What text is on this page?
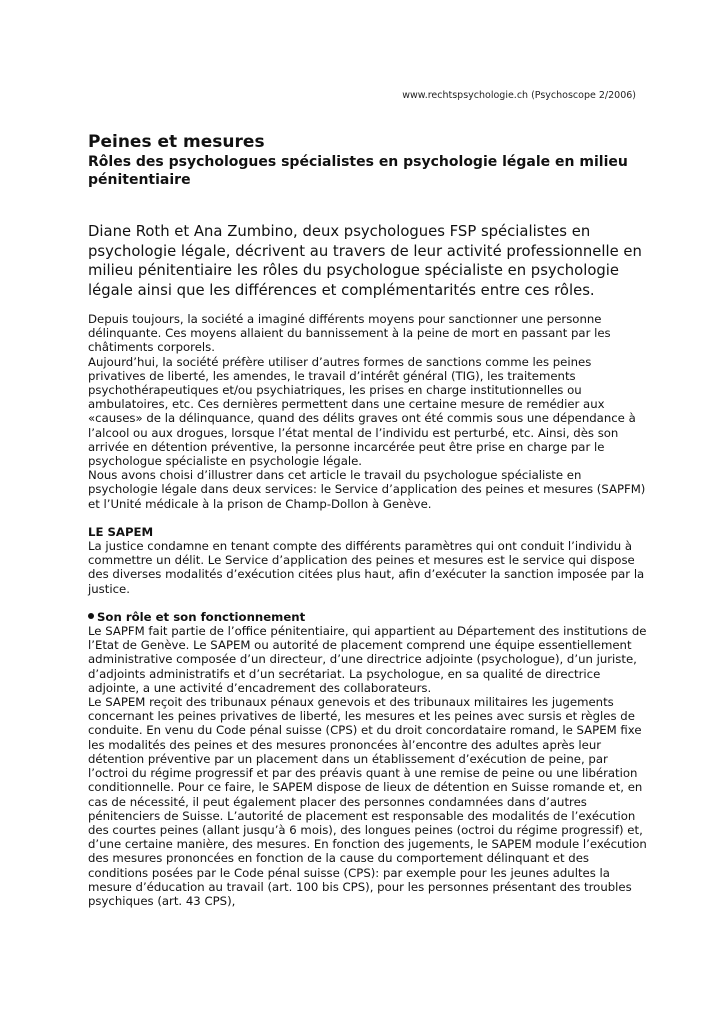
www.rechtspsychologie.ch (Psychoscope 2/2006)
Peines et mesures
Rôles des psychologues spécialistes en psychologie légale en milieu pénitentiaire
Diane Roth et Ana Zumbino, deux psychologues FSP spécialistes en psychologie légale, décrivent au travers de leur activité professionnelle en milieu pénitentiaire les rôles du psychologue spécialiste en psychologie légale ainsi que les différences et complémentarités entre ces rôles.

Depuis toujours, la société a imaginé différents moyens pour sanctionner une personne délinquante. Ces moyens allaient du bannissement à la peine de mort en passant par les châtiments corporels.

Aujourd’hui, la société préfère utiliser d’autres formes de sanctions comme les peines privatives de liberté, les amendes, le travail d’intérêt général (TIG), les traitements psychothérapeutiques et/ou psychiatriques, les prises en charge institutionnelles ou ambulatoires, etc. Ces dernières permettent dans une certaine mesure de remédier aux «causes» de la délinquance, quand des délits graves ont été commis sous une dépendance à l’alcool ou aux drogues, lorsque l’état mental de l’individu est perturbé, etc. Ainsi, dès son arrivée en détention préventive, la personne incarcérée peut être prise en charge par le psychologue spécialiste en psychologie légale.

Nous avons choisi d’illustrer dans cet article le travail du psychologue spécialiste en psychologie légale dans deux services: le Service d’application des peines et mesures (SAPFM) et l’Unité médicale à la prison de Champ-Dollon à Genève.

LE SAPEM

La justice condamne en tenant compte des différents paramètres qui ont conduit l’individu à commettre un délit. Le Service d’application des peines et mesures est le service qui dispose des diverses modalités d’exécution citées plus haut, afin d’exécuter la sanction imposée par la justice.

Son rôle et son fonctionnement

Le SAPFM fait partie de l’office pénitentiaire, qui appartient au Département des institutions de l’Etat de Genève. Le SAPEM ou autorité de placement comprend une équipe essentiellement administrative composée d’un directeur, d’une directrice adjointe (psychologue), d’un juriste, d’adjoints administratifs et d’un secrétariat. La psychologue, en sa qualité de directrice adjointe, a une activité d’encadrement des collaborateurs.

Le SAPEM reçoit des tribunaux pénaux genevois et des tribunaux militaires les jugements concernant les peines privatives de liberté, les mesures et les peines avec sursis et règles de conduite. En venu du Code pénal suisse (CPS) et du droit concordataire romand, le SAPEM fixe les modalités des peines et des mesures prononcées àl’encontre des adultes après leur détention préventive par un placement dans un établissement d’exécution de peine, par l’octroi du régime progressif et par des préavis quant à une remise de peine ou une libération conditionnelle. Pour ce faire, le SAPEM dispose de lieux de détention en Suisse romande et, en cas de nécessité, il peut également placer des personnes condamnées dans d’autres pénitenciers de Suisse. L’autorité de placement est responsable des modalités de l’exécution des courtes peines (allant jusqu’à 6 mois), des longues peines (octroi du régime progressif) et, d’une certaine manière, des mesures. En fonction des jugements, le SAPEM module l’exécution des mesures prononcées en fonction de la cause du comportement délinquant et des conditions posées par le Code pénal suisse (CPS): par exemple pour les jeunes adultes la mesure d’éducation au travail (art. 100 bis CPS), pour les personnes présentant des troubles psychiques (art. 43 CPS),
